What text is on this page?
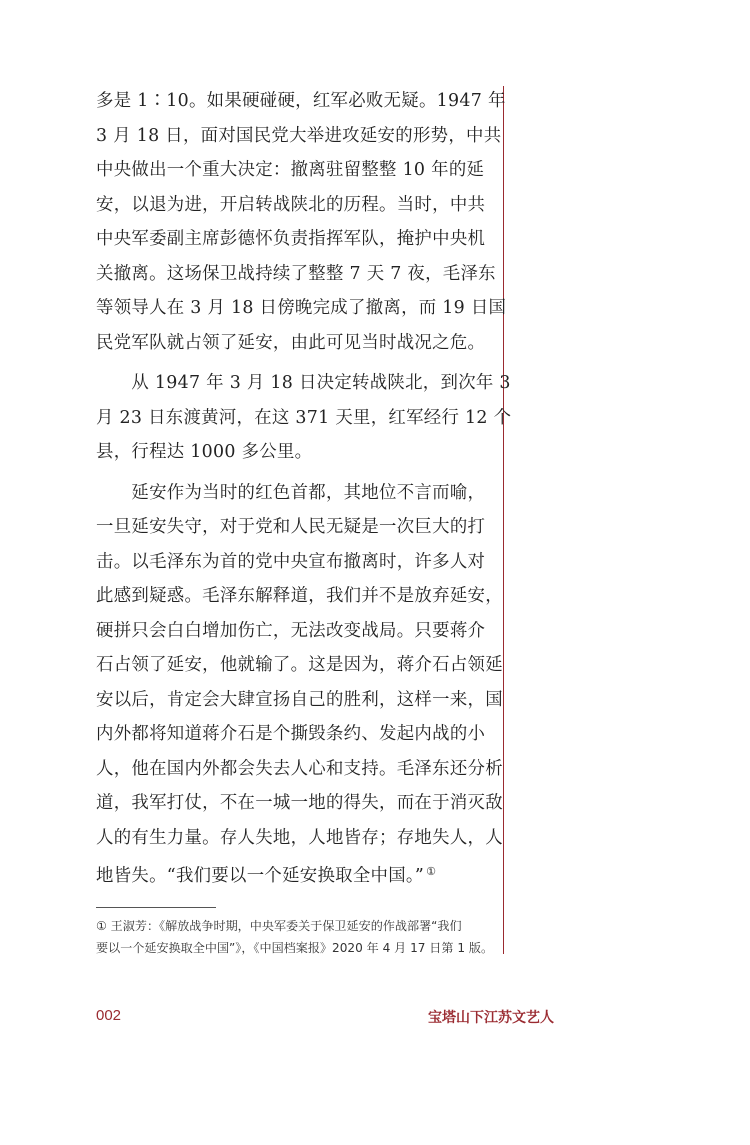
多是 1∶10。如果硬碰硬，红军必败无疑。1947 年
3 月 18 日，面对国民党大举进攻延安的形势，中共
中央做出一个重大决定：撤离驻留整整 10 年的延
安，以退为进，开启转战陕北的历程。当时，中共
中央军委副主席彭德怀负责指挥军队，掩护中央机
关撤离。这场保卫战持续了整整 7 天 7 夜，毛泽东
等领导人在 3 月 18 日傍晚完成了撤离，而 19 日国
民党军队就占领了延安，由此可见当时战况之危。
　　从 1947 年 3 月 18 日决定转战陕北，到次年 3
月 23 日东渡黄河，在这 371 天里，红军经行 12 个
县，行程达 1000 多公里。
　　延安作为当时的红色首都，其地位不言而喻，
一旦延安失守，对于党和人民无疑是一次巨大的打
击。以毛泽东为首的党中央宣布撤离时，许多人对
此感到疑惑。毛泽东解释道，我们并不是放弃延安，
硬拼只会白白增加伤亡，无法改变战局。只要蒋介
石占领了延安，他就输了。这是因为，蒋介石占领延
安以后，肯定会大肆宣扬自己的胜利，这样一来，国
内外都将知道蒋介石是个撕毁条约、发起内战的小
人，他在国内外都会失去人心和支持。毛泽东还分析
道，我军打仗，不在一城一地的得失，而在于消灭敌
人的有生力量。存人失地，人地皆存；存地失人，人
地皆失。“我们要以一个延安换取全中国。” ①
① 王淑芳：《解放战争时期，中央军委关于保卫延安的作战部署“我们
要以一个延安换取全中国”》，《中国档案报》2020 年 4 月 17 日第 1 版。
002	宝塔山下江苏文艺人
